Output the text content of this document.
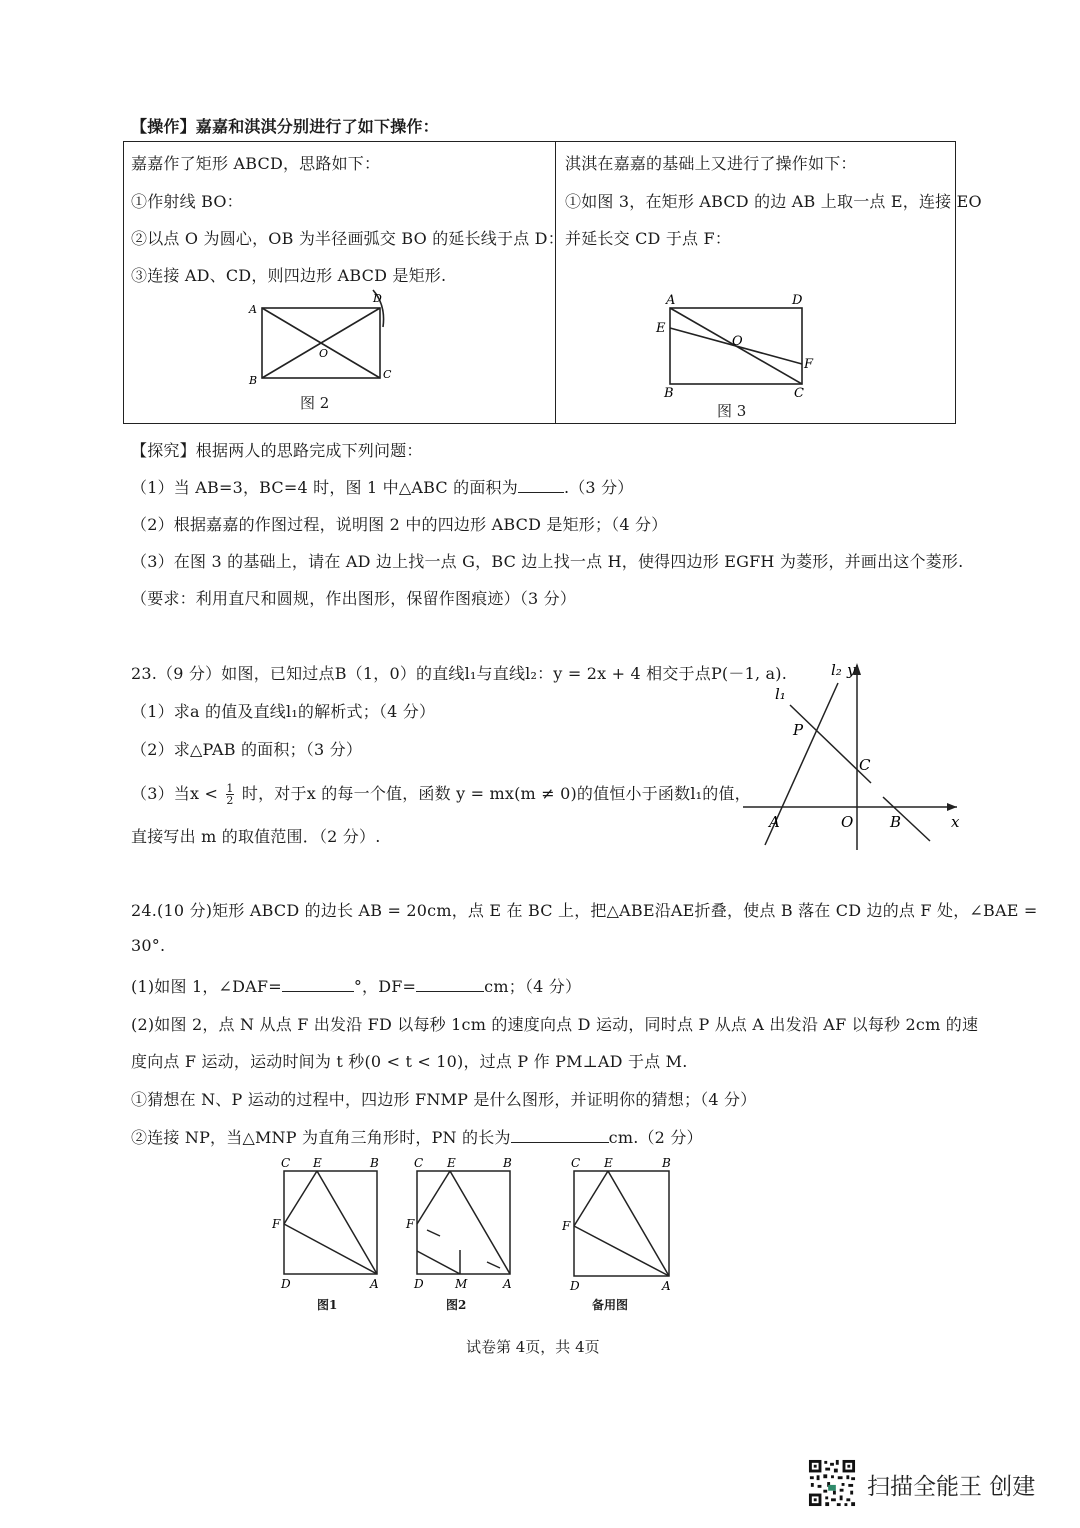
【操作】嘉嘉和淇淇分别进行了如下操作：
嘉嘉作了矩形 ABCD，思路如下：
①作射线 BO：
②以点 O 为圆心，OB 为半径画弧交 BO 的延长线于点 D：
③连接 AD、CD，则四边形 ABCD 是矩形.
A
B	C
D
O
图 2
淇淇在嘉嘉的基础上又进行了操作如下：
①如图 3，在矩形 ABCD 的边 AB 上取一点 E，连接 EO
并延长交 CD 于点 F：
A	D
E
O
F
B	C
图 3
【探究】根据两人的思路完成下列问题：
（1）当 AB=3，BC=4 时，图 1 中△ABC 的面积为	.（3 分）
（2）根据嘉嘉的作图过程，说明图 2 中的四边形 ABCD 是矩形；（4 分）
（3）在图 3 的基础上，请在 AD 边上找一点 G，BC 边上找一点 H，使得四边形 EGFH 为菱形，并画出这个菱形.
（要求：利用直尺和圆规，作出图形，保留作图痕迹）（3 分）
23.（9 分）如图，已知过点B（1，0）的直线l₁与直线l₂：y = 2x + 4 相交于点P(－1, a).
（1）求a 的值及直线l₁的解析式；（4 分）
（2）求△PAB 的面积；（3 分）
（3）当$x < \frac{1}{2}$ 时，对于x 的每一个值，函数 y = mx(m ≠ 0)的值恒小于函数l₁的值，
直接写出 m 的取值范围．（2 分）.
l₂ y
l₁
P
C
A	O B	x
24.(10 分)矩形 ABCD 的边长 AB = 20cm，点 E 在 BC 上，把△ABE沿AE折叠，使点 B 落在 CD 边的点 F 处，∠BAE =
30°.
(1)如图 1，∠DAF=	°，DF=	cm；（4 分）
(2)如图 2，点 N 从点 F 出发沿 FD 以每秒 1cm 的速度向点 D 运动，同时点 P 从点 A 出发沿 AF 以每秒 2cm 的速
度向点 F 运动，运动时间为 t 秒(0 < t < 10)，过点 P 作 PM⊥AD 于点 M.
①猜想在 N、P 运动的过程中，四边形 FNMP 是什么图形，并证明你的猜想；（4 分）
②连接 NP，当△MNP 为直角三角形时，PN 的长为	cm.（2 分）
C E	B
F
D	A
图1
C E	B
F
D	M	A
图2
C E	B
F
D	A
备用图
试卷第 4页，共 4页
扫描全能王 创建
